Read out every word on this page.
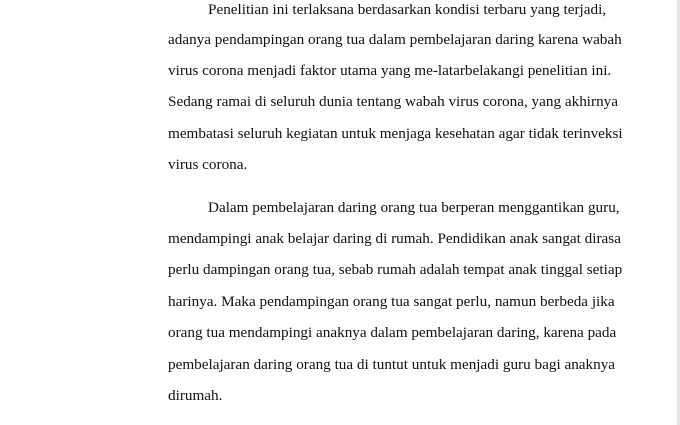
Penelitian ini terlaksana berdasarkan kondisi terbaru yang terjadi,
adanya pendampingan orang tua dalam pembelajaran daring karena wabah
virus corona menjadi faktor utama yang me-latarbelakangi penelitian ini.
Sedang ramai di seluruh dunia tentang wabah virus corona, yang akhirnya
membatasi seluruh kegiatan untuk menjaga kesehatan agar tidak terinveksi
virus corona.
Dalam pembelajaran daring orang tua berperan menggantikan guru,
mendampingi anak belajar daring di rumah. Pendidikan anak sangat dirasa
perlu dampingan orang tua, sebab rumah adalah tempat anak tinggal setiap
harinya. Maka pendampingan orang tua sangat perlu, namun berbeda jika
orang tua mendampingi anaknya dalam pembelajaran daring, karena pada
pembelajaran daring orang tua di tuntut untuk menjadi guru bagi anaknya
dirumah.
